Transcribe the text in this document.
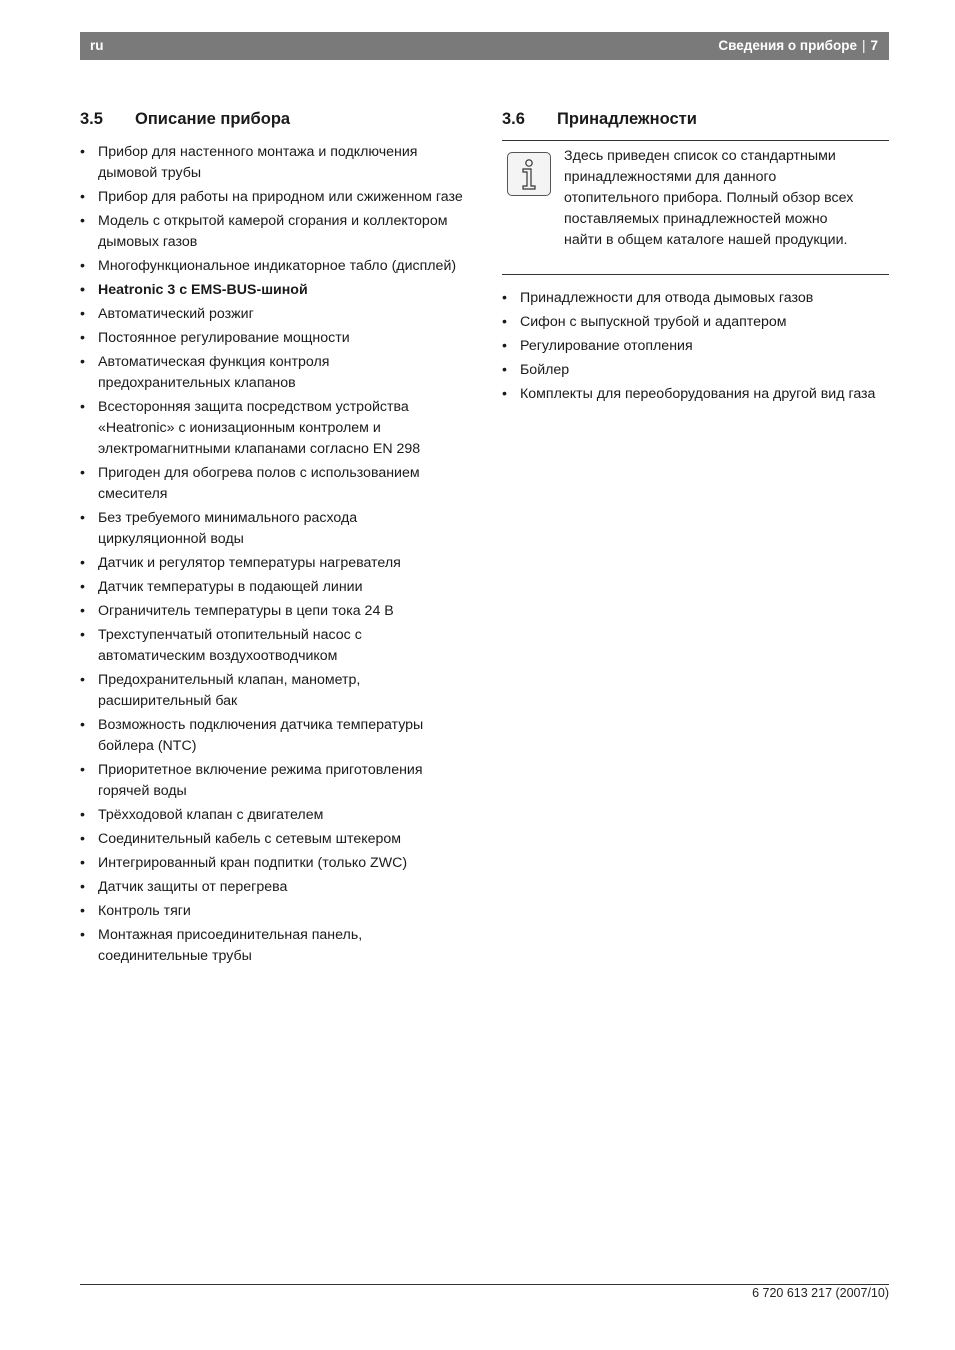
ru	Сведения о приборе | 7
3.5 Описание прибора
• Прибор для настенного монтажа и подключения дымовой трубы
• Прибор для работы на природном или сжиженном газе
• Модель с открытой камерой сгорания и коллектором дымовых газов
• Многофункциональное индикаторное табло (дисплей)
• Heatronic 3 с EMS-BUS-шиной
• Автоматический розжиг
• Постоянное регулирование мощности
• Автоматическая функция контроля предохранительных клапанов
• Всесторонняя защита посредством устройства «Heatronic» с ионизационным контролем и электромагнитными клапанами согласно EN 298
• Пригоден для обогрева полов с использованием смесителя
• Без требуемого минимального расхода циркуляционной воды
• Датчик и регулятор температуры нагревателя
• Датчик температуры в подающей линии
• Ограничитель температуры в цепи тока 24 В
• Трехступенчатый отопительный насос с автоматическим воздухоотводчиком
• Предохранительный клапан, манометр, расширительный бак
• Возможность подключения датчика температуры бойлера (NTC)
• Приоритетное включение режима приготовления горячей воды
• Трёхходовой клапан с двигателем
• Соединительный кабель с сетевым штекером
• Интегрированный кран подпитки (только ZWC)
• Датчик защиты от перегрева
• Контроль тяги
• Монтажная присоединительная панель, соединительные трубы
3.6 Принадлежности
Здесь приведен список со стандартными принадлежностями для данного отопительного прибора. Полный обзор всех поставляемых принадлежностей можно найти в общем каталоге нашей продукции.
• Принадлежности для отвода дымовых газов
• Сифон с выпускной трубой и адаптером
• Регулирование отопления
• Бойлер
• Комплекты для переоборудования на другой вид газа
6 720 613 217 (2007/10)
